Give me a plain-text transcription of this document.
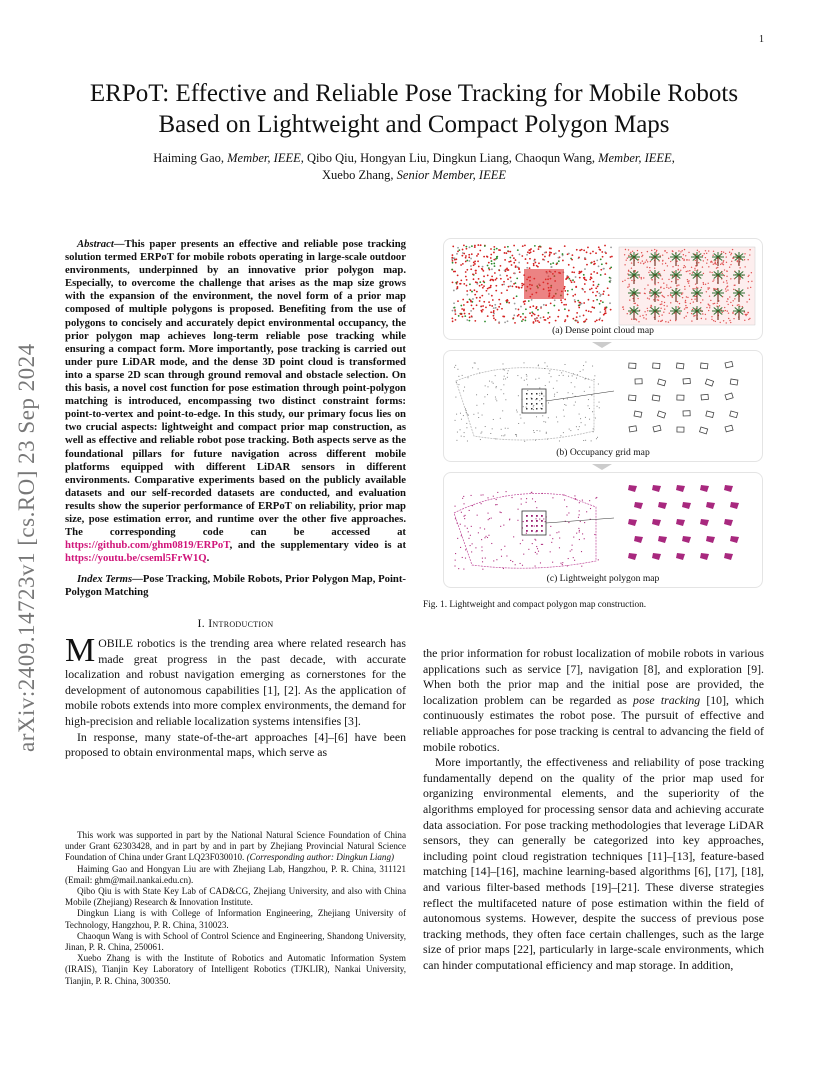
1
arXiv:2409.14723v1 [cs.RO] 23 Sep 2024
ERPoT: Effective and Reliable Pose Tracking for Mobile Robots Based on Lightweight and Compact Polygon Maps
Haiming Gao, Member, IEEE, Qibo Qiu, Hongyan Liu, Dingkun Liang, Chaoqun Wang, Member, IEEE,
Xuebo Zhang, Senior Member, IEEE

Abstract—This paper presents an effective and reliable pose tracking solution termed ERPoT for mobile robots operating in large-scale outdoor environments, underpinned by an innovative prior polygon map. Especially, to overcome the challenge that arises as the map size grows with the expansion of the environment, the novel form of a prior map composed of multiple polygons is proposed. Benefiting from the use of polygons to concisely and accurately depict environmental occupancy, the prior polygon map achieves long-term reliable pose tracking while ensuring a compact form. More importantly, pose tracking is carried out under pure LiDAR mode, and the dense 3D point cloud is transformed into a sparse 2D scan through ground removal and obstacle selection. On this basis, a novel cost function for pose estimation through point-polygon matching is introduced, encompassing two distinct constraint forms: point-to-vertex and point-to-edge. In this study, our primary focus lies on two crucial aspects: lightweight and compact prior map construction, as well as effective and reliable robot pose tracking. Both aspects serve as the foundational pillars for future navigation across different mobile platforms equipped with different LiDAR sensors in different environments. Comparative experiments based on the publicly available datasets and our self-recorded datasets are conducted, and evaluation results show the superior performance of ERPoT on reliability, prior map size, pose estimation error, and runtime over the other five approaches. The corresponding code can be accessed at https://github.com/ghm0819/ERPoT, and the supplementary video is at https://youtu.be/cseml5FrW1Q.

Index Terms—Pose Tracking, Mobile Robots, Prior Polygon Map, Point-Polygon Matching

I. Introduction

MOBILE robotics is the trending area where related research has made great progress in the past decade, with accurate localization and robust navigation emerging as cornerstones for the development of autonomous capabilities [1], [2]. As the application of mobile robots extends into more complex environments, the demand for high-precision and reliable localization systems intensifies [3].

In response, many state-of-the-art approaches [4]–[6] have been proposed to obtain environmental maps, which serve as

This work was supported in part by the National Natural Science Foundation of China under Grant 62303428, and in part by and in part by Zhejiang Provincial Natural Science Foundation of China under Grant LQ23F030010. (Corresponding author: Dingkun Liang)

Haiming Gao and Hongyan Liu are with Zhejiang Lab, Hangzhou, P. R. China, 311121 (Email: ghm@mail.nankai.edu.cn).

Qibo Qiu is with State Key Lab of CAD&CG, Zhejiang University, and also with China Mobile (Zhejiang) Research & Innovation Institute.

Dingkun Liang is with College of Information Engineering, Zhejiang University of Technology, Hangzhou, P. R. China, 310023.

Chaoqun Wang is with School of Control Science and Engineering, Shandong University, Jinan, P. R. China, 250061.

Xuebo Zhang is with the Institute of Robotics and Automatic Information System (IRAIS), Tianjin Key Laboratory of Intelligent Robotics (TJKLIR), Nankai University, Tianjin, P. R. China, 300350.

(a) Dense point cloud map
(b) Occupancy grid map
(c) Lightweight polygon map
Fig. 1. Lightweight and compact polygon map construction.

the prior information for robust localization of mobile robots in various applications such as service [7], navigation [8], and exploration [9]. When both the prior map and the initial pose are provided, the localization problem can be regarded as pose tracking [10], which continuously estimates the robot pose. The pursuit of effective and reliable approaches for pose tracking is central to advancing the field of mobile robotics.

More importantly, the effectiveness and reliability of pose tracking fundamentally depend on the quality of the prior map used for organizing environmental elements, and the superiority of the algorithms employed for processing sensor data and achieving accurate data association. For pose tracking methodologies that leverage LiDAR sensors, they can generally be categorized into key approaches, including point cloud registration techniques [11]–[13], feature-based matching [14]–[16], machine learning-based algorithms [6], [17], [18], and various filter-based methods [19]–[21]. These diverse strategies reflect the multifaceted nature of pose estimation within the field of autonomous systems. However, despite the success of previous pose tracking methods, they often face certain challenges, such as the large size of prior maps [22], particularly in large-scale environments, which can hinder computational efficiency and map storage. In addition,
